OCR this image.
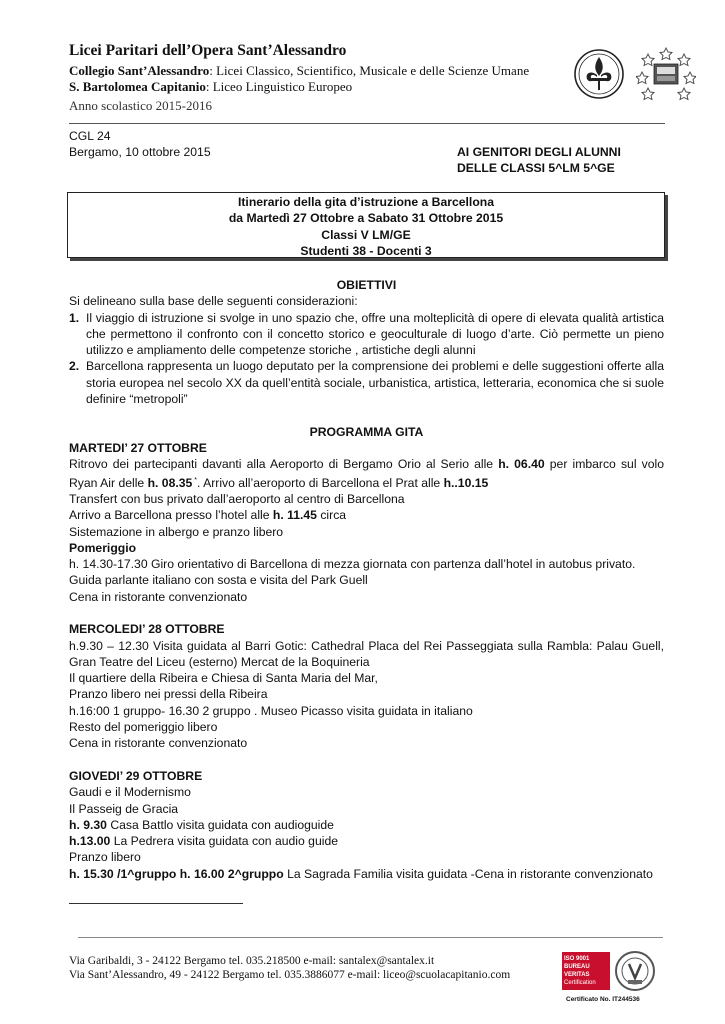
Licei Paritari dell’Opera Sant’Alessandro
Collegio Sant’Alessandro: Licei Classico, Scientifico, Musicale e delle Scienze Umane
S. Bartolomea Capitanio: Liceo Linguistico Europeo
Anno scolastico 2015-2016
CGL 24
Bergamo, 10 ottobre 2015	AI GENITORI DEGLI ALUNNI
DELLE CLASSI 5^LM 5^GE
Itinerario della gita d’istruzione a Barcellona
da Martedì 27 Ottobre a Sabato 31 Ottobre 2015
Classi V LM/GE
Studenti 38 - Docenti 3

OBIETTIVI

Si delineano sulla base delle seguenti considerazioni:

1. Il viaggio di istruzione si svolge in uno spazio che, offre una molteplicità di opere di elevata qualità artistica che permettono il confronto con il concetto storico e geoculturale di luogo d’arte. Ciò permette un pieno utilizzo e ampliamento delle competenze storiche , artistiche degli alunni
2. Barcellona rappresenta un luogo deputato per la comprensione dei problemi e delle suggestioni offerte alla storia europea nel secolo XX da quell’entità sociale, urbanistica, artistica, letteraria, economica che si suole definire “metropoli”

PROGRAMMA GITA

MARTEDI’ 27 OTTOBRE

Ritrovo dei partecipanti davanti alla Aeroporto di Bergamo Orio al Serio alle h. 06.40 per imbarco sul volo Ryan Air delle h. 08.35 *. Arrivo all’aeroporto di Barcellona el Prat alle h..10.15

Transfert con bus privato dall’aeroporto al centro di Barcellona

Arrivo a Barcellona presso l’hotel alle h. 11.45 circa

Sistemazione in albergo e pranzo libero

Pomeriggio

h. 14.30-17.30 Giro orientativo di Barcellona di mezza giornata con partenza dall’hotel in autobus privato.

Guida parlante italiano con sosta e visita del Park Guell

Cena in ristorante convenzionato

MERCOLEDI’ 28 OTTOBRE

h.9.30 – 12.30 Visita guidata al Barri Gotic: Cathedral Placa del Rei Passeggiata sulla Rambla: Palau Guell, Gran Teatre del Liceu (esterno) Mercat de la Boquineria

Il quartiere della Ribeira e Chiesa di Santa Maria del Mar,

Pranzo libero nei pressi della Ribeira

h.16:00 1 gruppo- 16.30 2 gruppo . Museo Picasso visita guidata in italiano

Resto del pomeriggio libero

Cena in ristorante convenzionato

GIOVEDI’ 29 OTTOBRE

Gaudi e il Modernismo

Il Passeig de Gracia

h. 9.30 Casa Battlo visita guidata con audioguide

h.13.00 La Pedrera visita guidata con audio guide

Pranzo libero

h. 15.30 /1^gruppo h. 16.00 2^gruppo La Sagrada Familia visita guidata -Cena in ristorante convenzionato

Via Garibaldi, 3 - 24122 Bergamo tel. 035.218500 e-mail: santalex@santalex.it
Via Sant’Alessandro, 49 - 24122 Bergamo tel. 035.3886077 e-mail: liceo@scuolacapitanio.com
ISO 9001
BUREAU VERITAS
Certification
Certificato No. IT244536
